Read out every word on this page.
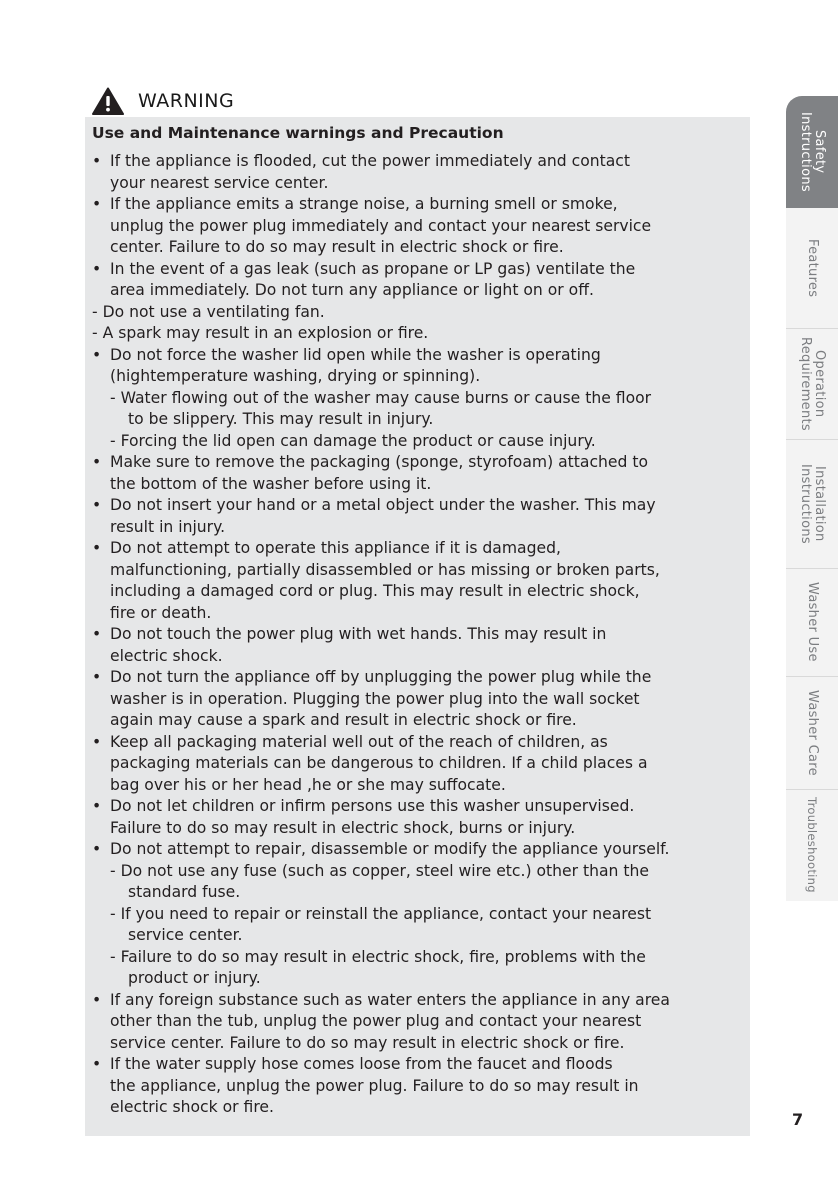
WARNING
Use and Maintenance warnings and Precaution
• If the appliance is flooded, cut the power immediately and contact
your nearest service center.
• If the appliance emits a strange noise, a burning smell or smoke,
unplug the power plug immediately and contact your nearest service
center. Failure to do so may result in electric shock or fire.
• In the event of a gas leak (such as propane or LP gas) ventilate the
area immediately. Do not turn any appliance or light on or off.
- Do not use a ventilating fan.
- A spark may result in an explosion or fire.
• Do not force the washer lid open while the washer is operating
(hightemperature washing, drying or spinning).
- Water flowing out of the washer may cause burns or cause the floor
to be slippery. This may result in injury.
- Forcing the lid open can damage the product or cause injury.
• Make sure to remove the packaging (sponge, styrofoam) attached to
the bottom of the washer before using it.
• Do not insert your hand or a metal object under the washer. This may
result in injury.
• Do not attempt to operate this appliance if it is damaged,
malfunctioning, partially disassembled or has missing or broken parts,
including a damaged cord or plug. This may result in electric shock,
fire or death.
• Do not touch the power plug with wet hands. This may result in
electric shock.
• Do not turn the appliance off by unplugging the power plug while the
washer is in operation. Plugging the power plug into the wall socket
again may cause a spark and result in electric shock or fire.
• Keep all packaging material well out of the reach of children, as
packaging materials can be dangerous to children. If a child places a
bag over his or her head ,he or she may suffocate.
• Do not let children or infirm persons use this washer unsupervised.
Failure to do so may result in electric shock, burns or injury.
• Do not attempt to repair, disassemble or modify the appliance yourself.
- Do not use any fuse (such as copper, steel wire etc.) other than the
standard fuse.
- If you need to repair or reinstall the appliance, contact your nearest
service center.
- Failure to do so may result in electric shock, fire, problems with the
product or injury.
• If any foreign substance such as water enters the appliance in any area
other than the tub, unplug the power plug and contact your nearest
service center. Failure to do so may result in electric shock or fire.
• If the water supply hose comes loose from the faucet and floods
the appliance, unplug the power plug. Failure to do so may result in
electric shock or fire.
Safety
Instructions
Features
Operation
Requirements
Installation
Instructions
Washer Use
Washer Care
Troubleshooting
7
